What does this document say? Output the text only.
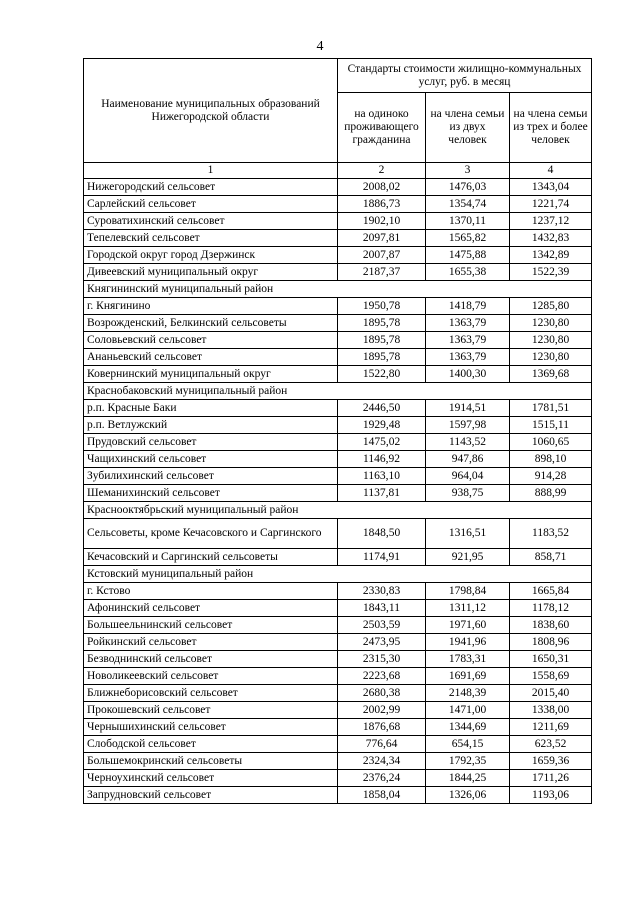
4
Наименование муниципальных образований Нижегородской области	Стандарты стоимости жилищно-коммунальных услуг, руб. в месяц		
	на одиноко проживающего гражданина	на члена семьи из двух человек	на члена семьи из трех и более человек
1	2	3	4
Нижегородский сельсовет	2008,02	1476,03	1343,04
Сарлейский сельсовет	1886,73	1354,74	1221,74
Суроватихинский сельсовет	1902,10	1370,11	1237,12
Тепелевский сельсовет	2097,81	1565,82	1432,83
Городской округ город Дзержинск	2007,87	1475,88	1342,89
Дивеевский муниципальный округ	2187,37	1655,38	1522,39
Княгининский муниципальный район			
г. Княгинино	1950,78	1418,79	1285,80
Возрожденский, Белкинский сельсоветы	1895,78	1363,79	1230,80
Соловьевский сельсовет	1895,78	1363,79	1230,80
Ананьевский сельсовет	1895,78	1363,79	1230,80
Ковернинский муниципальный округ	1522,80	1400,30	1369,68
Краснобаковский муниципальный район			
р.п. Красные Баки	2446,50	1914,51	1781,51
р.п. Ветлужский	1929,48	1597,98	1515,11
Прудовский сельсовет	1475,02	1143,52	1060,65
Чащихинский сельсовет	1146,92	947,86	898,10
Зубилихинский сельсовет	1163,10	964,04	914,28
Шеманихинский сельсовет	1137,81	938,75	888,99
Краснооктябрьский муниципальный район			
Сельсоветы, кроме Кечасовского и Саргинского	1848,50	1316,51	1183,52
Кечасовский и Саргинский сельсоветы	1174,91	921,95	858,71
Кстовский муниципальный район			
г. Кстово	2330,83	1798,84	1665,84
Афонинский сельсовет	1843,11	1311,12	1178,12
Большеельнинский сельсовет	2503,59	1971,60	1838,60
Ройкинский сельсовет	2473,95	1941,96	1808,96
Безводнинский сельсовет	2315,30	1783,31	1650,31
Новоликеевский сельсовет	2223,68	1691,69	1558,69
Ближнеборисовский сельсовет	2680,38	2148,39	2015,40
Прокошевский сельсовет	2002,99	1471,00	1338,00
Чернышихинский сельсовет	1876,68	1344,69	1211,69
Слободской сельсовет	776,64	654,15	623,52
Большемокринский сельсоветы	2324,34	1792,35	1659,36
Черноухинский сельсовет	2376,24	1844,25	1711,26
Запрудновский сельсовет	1858,04	1326,06	1193,06
